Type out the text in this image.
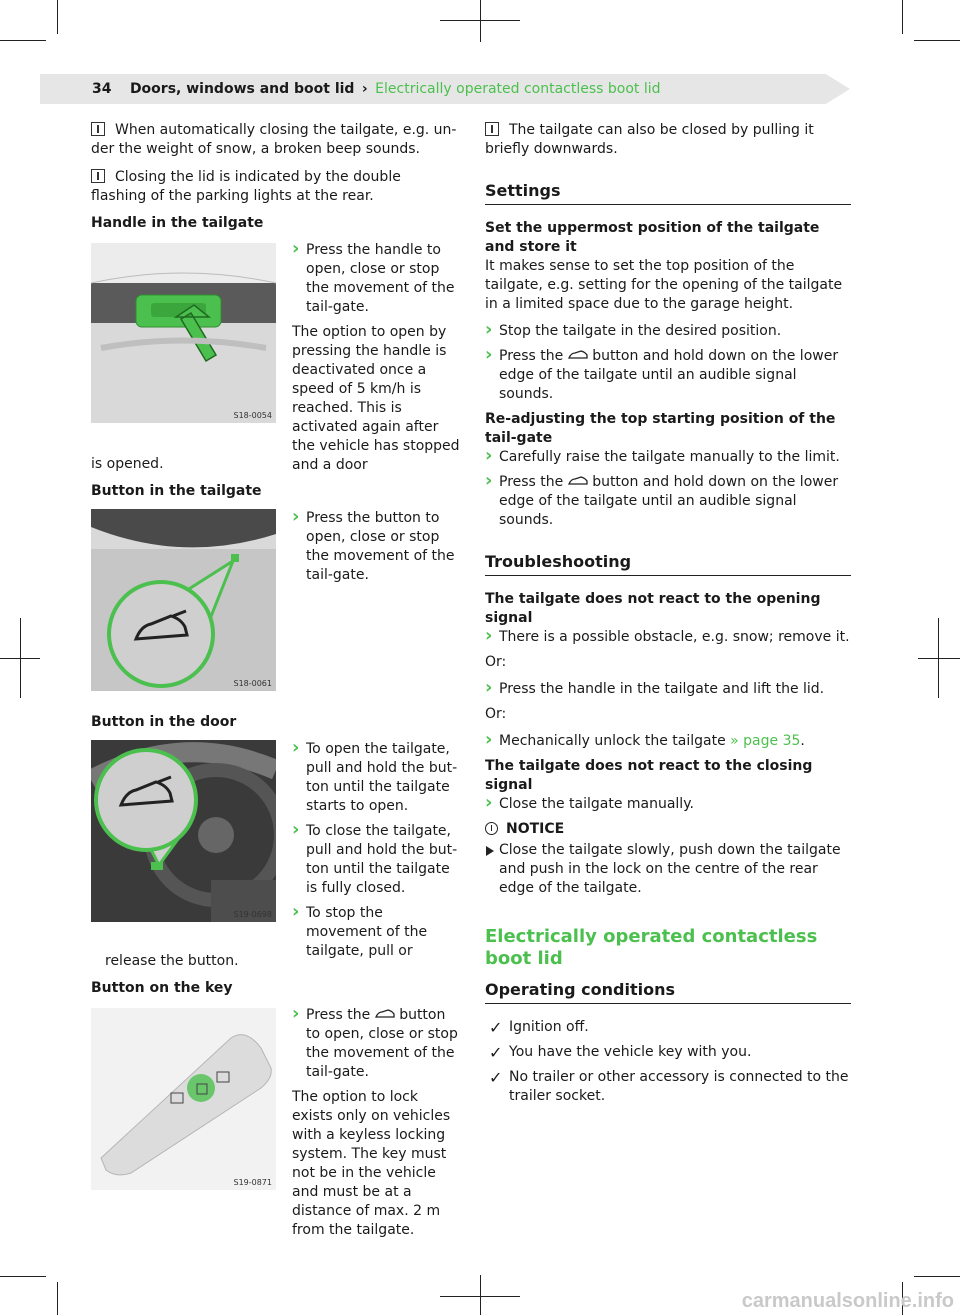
34 Doors, windows and boot lid › Electrically operated contactless boot lid

When automatically closing the tailgate, e.g. un-der the weight of snow, a broken beep sounds.

Closing the lid is indicated by the double flashing of the parking lights at the rear.

Handle in the tailgate
S18-0054
› Press the handle to open, close or stop the movement of the tail-gate.

The option to open by pressing the handle is deactivated once a speed of 5 km/h is reached. This is activated again after the vehicle has stopped and a door

is opened.

Button in the tailgate
S18-0061
› Press the button to open, close or stop the movement of the tail-gate.
Button in the door
S19-0698
› To open the tailgate, pull and hold the but-ton until the tailgate starts to open.
› To close the tailgate, pull and hold the but-ton until the tailgate is fully closed.
› To stop the movement of the tailgate, pull or

release the button.

Button on the key
S19-0871
› Press the button to open, close or stop the movement of the tail-gate.

The option to lock exists only on vehicles with a keyless locking system. The key must not be in the vehicle and must be at a distance of max. 2 m from the tailgate.

The tailgate can also be closed by pulling it briefly downwards.

Settings
Set the uppermost position of the tailgate and store it

It makes sense to set the top position of the tailgate, e.g. setting for the opening of the tailgate in a limited space due to the garage height.

› Stop the tailgate in the desired position.
› Press the button and hold down on the lower edge of the tailgate until an audible signal sounds.
Re-adjusting the top starting position of the tail-gate
› Carefully raise the tailgate manually to the limit.
› Press the button and hold down on the lower edge of the tailgate until an audible signal sounds.
Troubleshooting
The tailgate does not react to the opening signal
› There is a possible obstacle, e.g. snow; remove it.

Or:

› Press the handle in the tailgate and lift the lid.

Or:

› Mechanically unlock the tailgate » page 35.
The tailgate does not react to the closing signal
› Close the tailgate manually.
NOTICE
Close the tailgate slowly, push down the tailgate and push in the lock on the centre of the rear edge of the tailgate.
Electrically operated contactless boot lid
Operating conditions
✓ Ignition off.
✓ You have the vehicle key with you.
✓ No trailer or other accessory is connected to the trailer socket.
carmanualsonline.info
